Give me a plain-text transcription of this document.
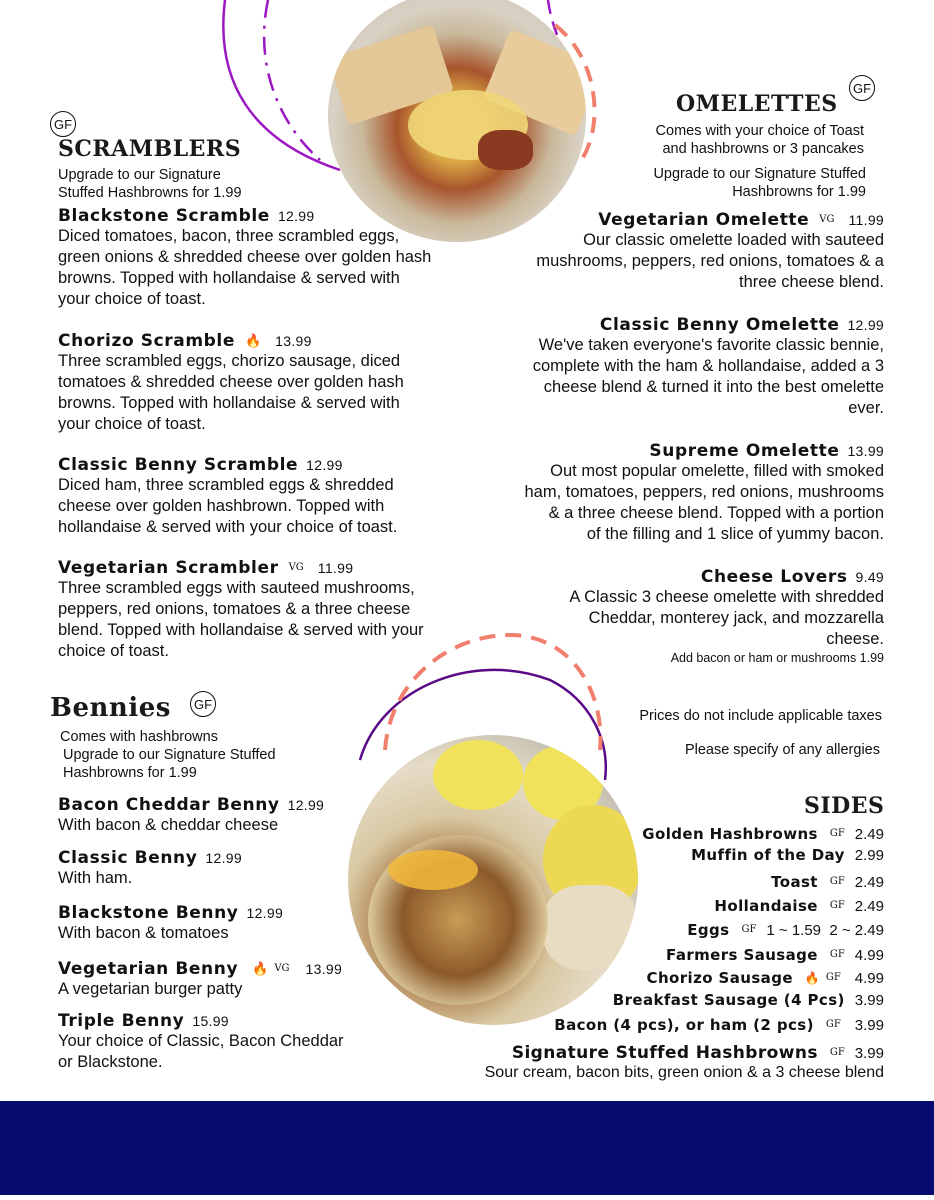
GF
SCRAMBLERS
Upgrade to our Signature
Stuffed Hashbrowns for 1.99
Blackstone Scramble 12.99
Diced tomatoes, bacon, three scrambled eggs,
green onions & shredded cheese over golden hash
browns. Topped with hollandaise & served with
your choice of toast.
Chorizo Scramble 🔥 13.99
Three scrambled eggs, chorizo sausage, diced
tomatoes & shredded cheese over golden hash
browns. Topped with hollandaise & served with
your choice of toast.
Classic Benny Scramble 12.99
Diced ham, three scrambled eggs & shredded
cheese over golden hashbrown. Topped with
hollandaise & served with your choice of toast.
Vegetarian Scrambler VG 11.99
Three scrambled eggs with sauteed mushrooms,
peppers, red onions, tomatoes & a three cheese
blend. Topped with hollandaise & served with your
choice of toast.
OMELETTES
GF
Comes with your choice of Toast
and hashbrowns or 3 pancakes
Upgrade to our Signature Stuffed
Hashbrowns for 1.99
Vegetarian Omelette VG 11.99
Our classic omelette loaded with sauteed
mushrooms, peppers, red onions, tomatoes & a
three cheese blend.
Classic Benny Omelette 12.99
We've taken everyone's favorite classic bennie,
complete with the ham & hollandaise, added a 3
cheese blend & turned it into the best omelette
ever.
Supreme Omelette 13.99
Out most popular omelette, filled with smoked
ham, tomatoes, peppers, red onions, mushrooms
& a three cheese blend. Topped with a portion
of the filling and 1 slice of yummy bacon.
Cheese Lovers 9.49
A Classic 3 cheese omelette with shredded
Cheddar, monterey jack, and mozzarella
cheese.
Add bacon or ham or mushrooms 1.99
Bennies	GF
Comes with hashbrowns
Upgrade to our Signature Stuffed
Hashbrowns for 1.99
Bacon Cheddar Benny 12.99
With bacon & cheddar cheese
Classic Benny 12.99
With ham.
Blackstone Benny 12.99
With bacon & tomatoes
Vegetarian Benny 🔥 VG 13.99
A vegetarian burger patty
Triple Benny 15.99
Your choice of Classic, Bacon Cheddar
or Blackstone.
Prices do not include applicable taxes
Please specify of any allergies
SIDES
Golden Hashbrowns GF 2.49
Muffin of the Day 2.99
Toast GF 2.49
Hollandaise GF 2.49
Eggs GF 1 ~ 1.59  2 ~ 2.49
Farmers Sausage GF 4.99
Chorizo Sausage 🔥 GF 4.99
Breakfast Sausage (4 Pcs) 3.99
Bacon (4 pcs), or ham (2 pcs) GF 3.99
Signature Stuffed Hashbrowns GF 3.99
Sour cream, bacon bits, green onion & a 3 cheese blend
